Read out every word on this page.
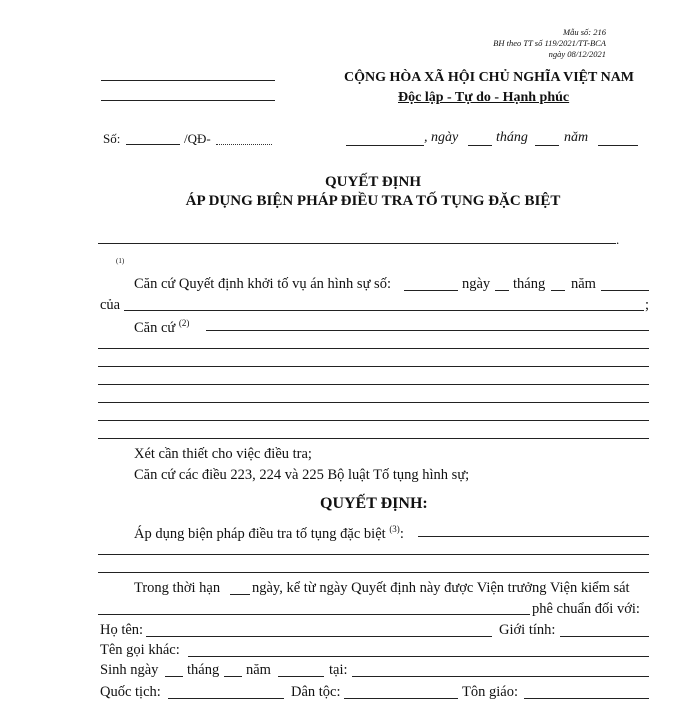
Mẫu số: 216
BH theo TT số 119/2021/TT-BCA
ngày 08/12/2021
CỘNG HÒA XÃ HỘI CHỦ NGHĨA VIỆT NAM
Độc lập - Tự do - Hạnh phúc
Số:	/QĐ-	, ngày	tháng	năm
QUYẾT ĐỊNH
ÁP DỤNG BIỆN PHÁP ĐIỀU TRA TỐ TỤNG ĐẶC BIỆT
.
(1)
Căn cứ Quyết định khởi tố vụ án hình sự số:	ngày tháng năm
của	;
Căn cứ $^{(2)}$
Xét cần thiết cho việc điều tra;
Căn cứ các điều 223, 224 và 225 Bộ luật Tố tụng hình sự;
QUYẾT ĐỊNH:
Áp dụng biện pháp điều tra tố tụng đặc biệt $^{(3)}$:
Trong thời hạn ngày, kể từ ngày Quyết định này được Viện trưởng Viện kiểm sát
phê chuẩn đối với:
Họ tên:	Giới tính:
Tên gọi khác:
Sinh ngày tháng năm	tại:
Quốc tịch:	Dân tộc:	Tôn giáo:
